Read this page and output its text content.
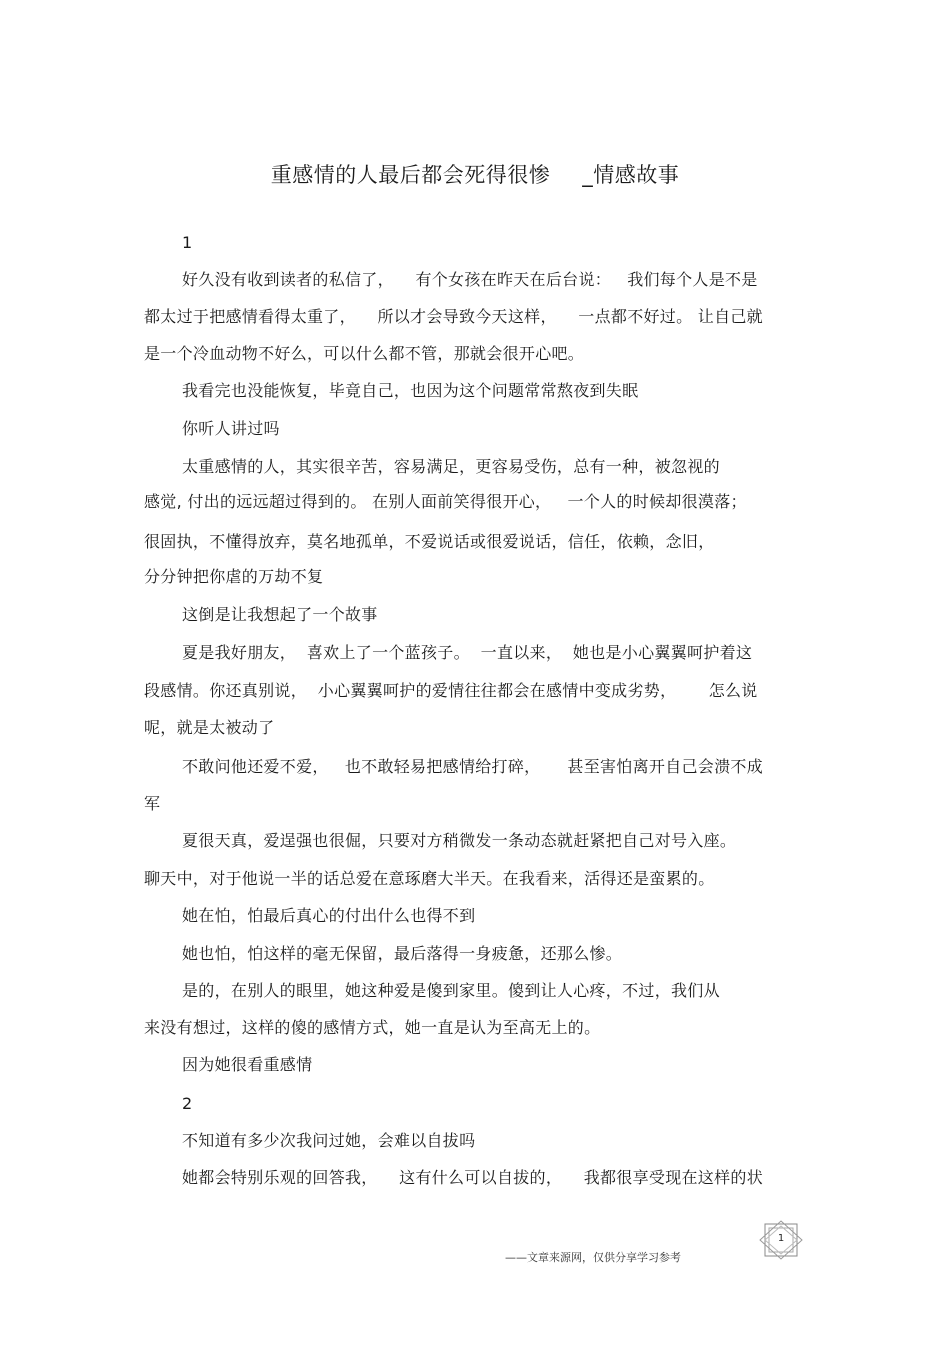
重感情的人最后都会死得很惨 _情感故事
1
好久没有收到读者的私信了，    有个女孩在昨天在后台说：   我们每个人是不是
都太过于把感情看得太重了，    所以才会导致今天这样，    一点都不好过。 让自己就
是一个冷血动物不好么，可以什么都不管，那就会很开心吧。
我看完也没能恢复，毕竟自己，也因为这个问题常常熬夜到失眠
你听人讲过吗
太重感情的人，其实很辛苦，容易满足，更容易受伤，总有一种，被忽视的
感觉, 付出的远远超过得到的。 在别人面前笑得很开心，   一个人的时候却很漠落；
很固执，不懂得放弃，莫名地孤单，不爱说话或很爱说话，信任，依赖，念旧，
分分钟把你虐的万劫不复
这倒是让我想起了一个故事
夏是我好朋友，  喜欢上了一个蓝孩子。  一直以来，  她也是小心翼翼呵护着这
段感情。你还真别说，  小心翼翼呵护的爱情往往都会在感情中变成劣势，      怎么说
呢，就是太被动了
不敢问他还爱不爱，   也不敢轻易把感情给打碎，     甚至害怕离开自己会溃不成
军
夏很天真，爱逞强也很倔，只要对方稍微发一条动态就赶紧把自己对号入座。
聊天中，对于他说一半的话总爱在意琢磨大半天。在我看来，活得还是蛮累的。
她在怕，怕最后真心的付出什么也得不到
她也怕，怕这样的毫无保留，最后落得一身疲惫，还那么惨。
是的，在别人的眼里，她这种爱是傻到家里。傻到让人心疼，不过，我们从
来没有想过，这样的傻的感情方式，她一直是认为至高无上的。
因为她很看重感情
2
不知道有多少次我问过她，会难以自拔吗
她都会特别乐观的回答我，    这有什么可以自拔的，    我都很享受现在这样的状
——文章来源网，仅供分享学习参考
1
